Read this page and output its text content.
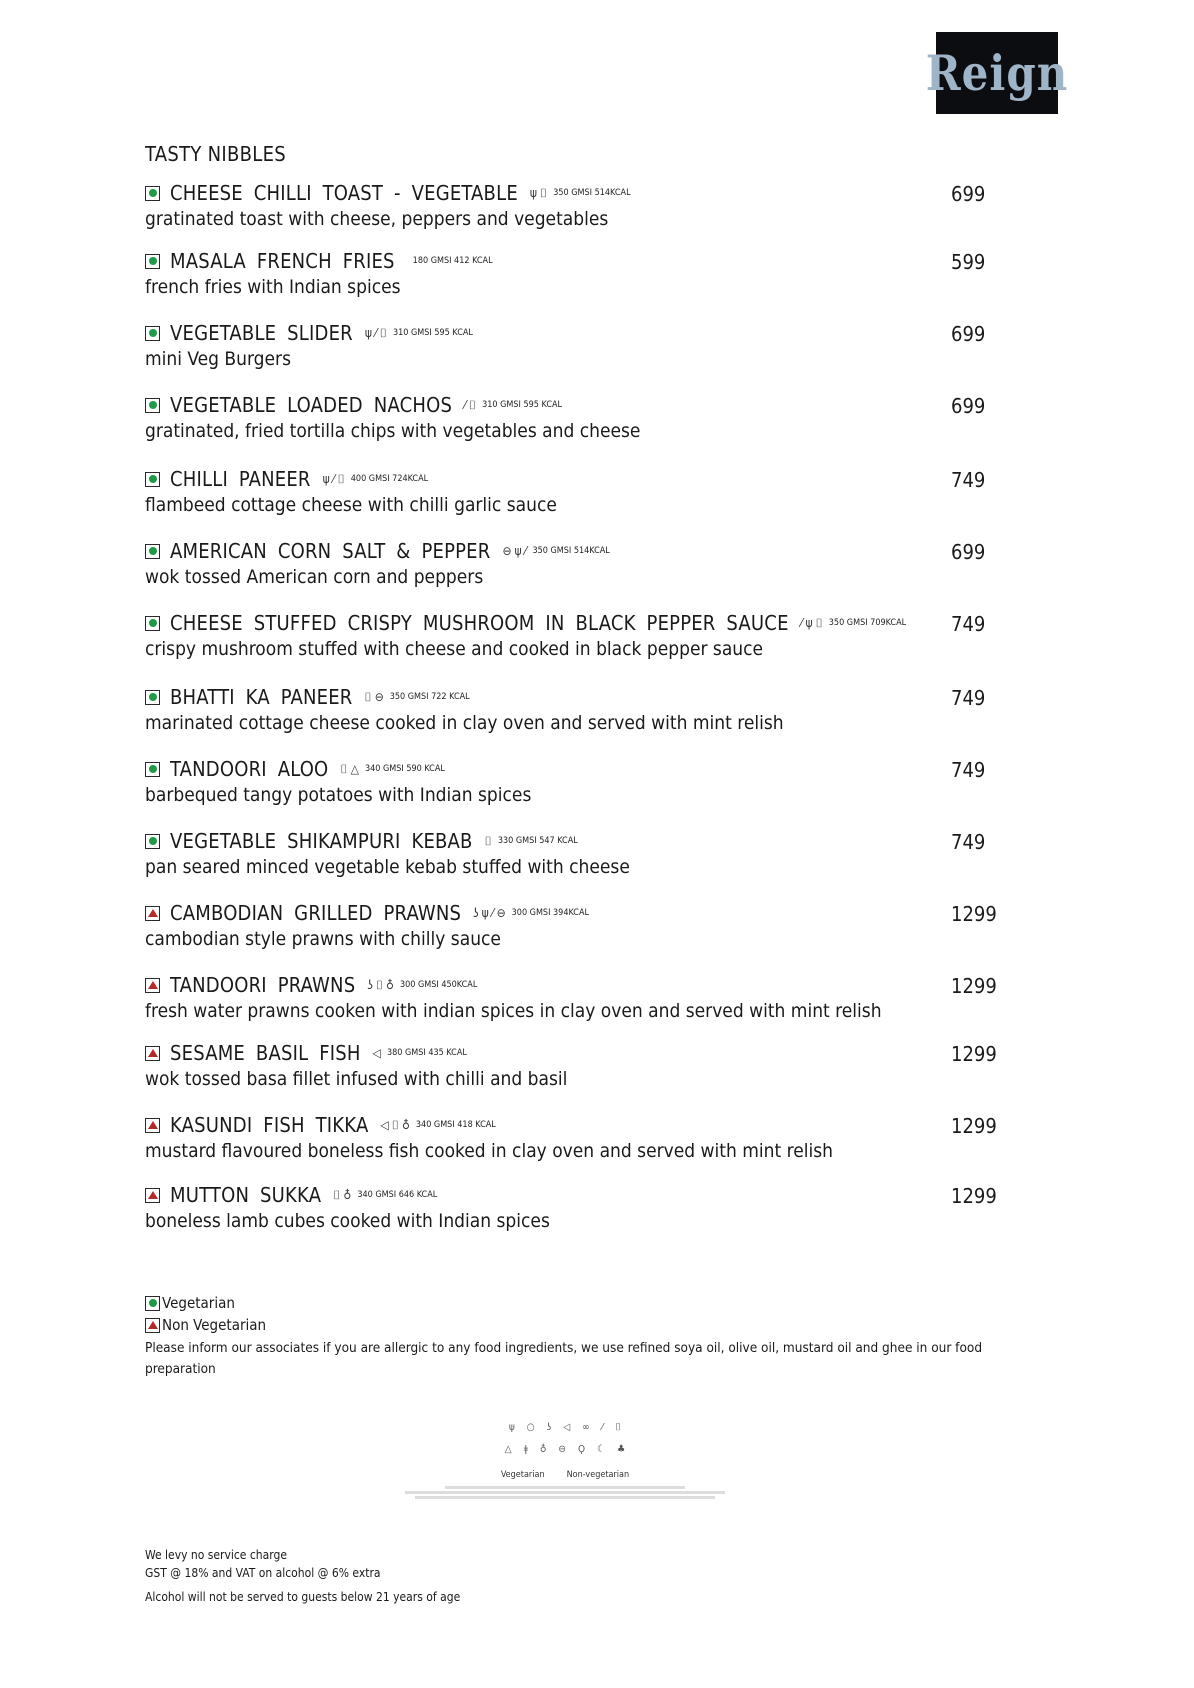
Reign
TASTY NIBBLES
CHEESE CHILLI TOAST - VEGETABLE ψ ⌷ 350 GMSI 514KCAL	699
gratinated toast with cheese, peppers and vegetables
MASALA FRENCH FRIES 180 GMSI 412 KCAL	599
french fries with Indian spices
VEGETABLE SLIDER ψ ⁄ ⌷ 310 GMSI 595 KCAL	699
mini Veg Burgers
VEGETABLE LOADED NACHOS ⁄ ⌷ 310 GMSI 595 KCAL	699
gratinated, fried tortilla chips with vegetables and cheese
CHILLI PANEER ψ ⁄ ⌷ 400 GMSI 724KCAL	749
flambeed cottage cheese with chilli garlic sauce
AMERICAN CORN SALT & PEPPER ⊖ ψ ⁄ 350 GMSI 514KCAL	699
wok tossed American corn and peppers
CHEESE STUFFED CRISPY MUSHROOM IN BLACK PEPPER SAUCE ⁄ ψ ⌷ 350 GMSI 709KCAL 749
crispy mushroom stuffed with cheese and cooked in black pepper sauce
BHATTI KA PANEER ⌷ ⊖ 350 GMSI 722 KCAL	749
marinated cottage cheese cooked in clay oven and served with mint relish
TANDOORI ALOO ⌷ △ 340 GMSI 590 KCAL	749
barbequed tangy potatoes with Indian spices
VEGETABLE SHIKAMPURI KEBAB ⌷ 330 GMSI 547 KCAL	749
pan seared minced vegetable kebab stuffed with cheese
CAMBODIAN GRILLED PRAWNS ʖ ψ ⁄ ⊖ 300 GMSI 394KCAL	1299
cambodian style prawns with chilly sauce
TANDOORI PRAWNS ʖ ⌷ ♁ 300 GMSI 450KCAL	1299
fresh water prawns cooken with indian spices in clay oven and served with mint relish
SESAME BASIL FISH ◁ 380 GMSI 435 KCAL	1299
wok tossed basa fillet infused with chilli and basil
KASUNDI FISH TIKKA ◁ ⌷ ♁ 340 GMSI 418 KCAL	1299
mustard flavoured boneless fish cooked in clay oven and served with mint relish
MUTTON SUKKA ⌷ ♁ 340 GMSI 646 KCAL	1299
boneless lamb cubes cooked with Indian spices
Vegetarian
Non Vegetarian
Please inform our associates if you are allergic to any food ingredients, we use refined soya oil, olive oil, mustard oil and ghee in our food preparation
ψ ○ ʖ ◁ ∞ ⁄ ⌷
△ ǂ ♁ ⊖ Ϙ ☾ ♣
Vegetarian Non-vegetarian
We levy no service charge
GST @ 18% and VAT on alcohol @ 6% extra
Alcohol will not be served to guests below 21 years of age
